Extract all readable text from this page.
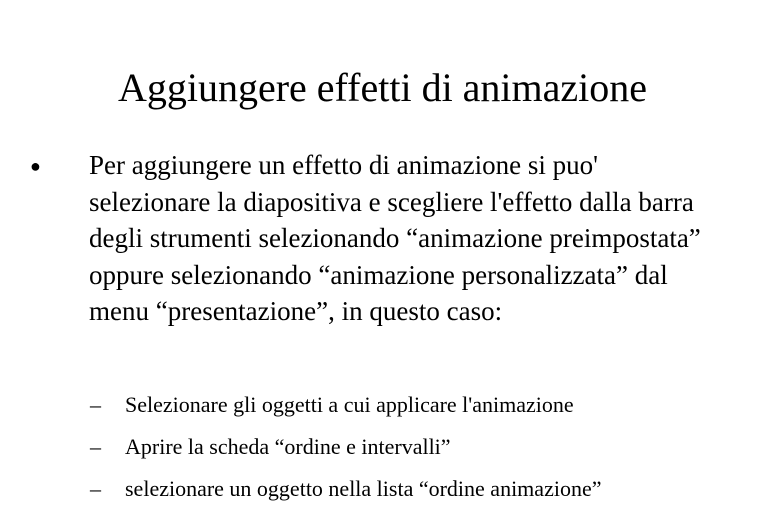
Aggiungere effetti di animazione
●	Per aggiungere un effetto di animazione si puo' selezionare la diapositiva e scegliere l'effetto dalla barra degli strumenti selezionando “animazione preimpostata” oppure selezionando “animazione personalizzata” dal menu “presentazione”, in questo caso:
–	Selezionare gli oggetti a cui applicare l'animazione
–	Aprire la scheda “ordine e intervalli”
–	selezionare un oggetto nella lista “ordine animazione”
